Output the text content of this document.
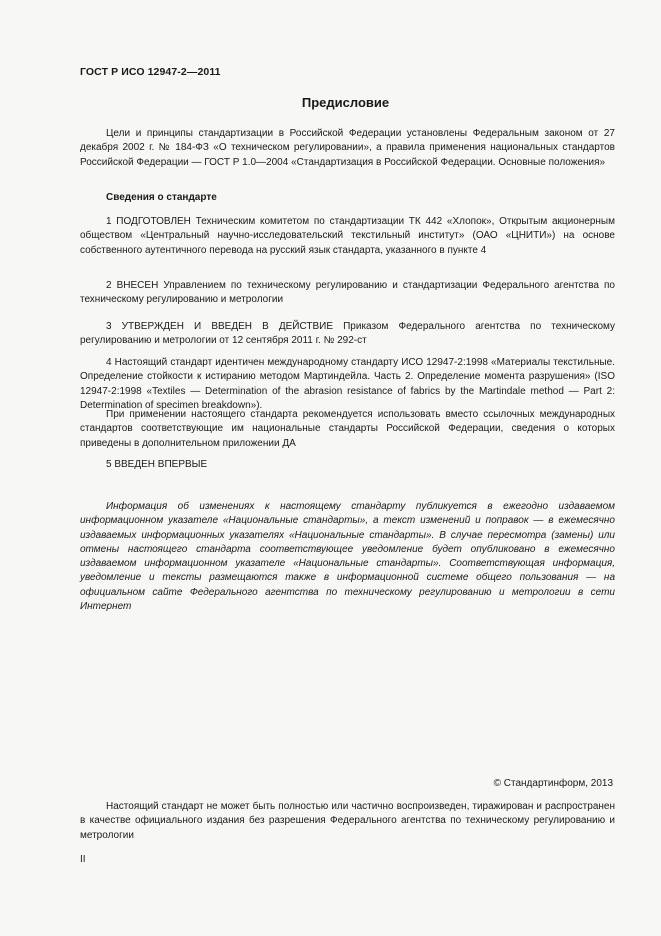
ГОСТ Р ИСО 12947-2—2011
Предисловие

Цели и принципы стандартизации в Российской Федерации установлены Федеральным законом от 27 декабря 2002 г. № 184-ФЗ «О техническом регулировании», а правила применения национальных стандартов Российской Федерации — ГОСТ Р 1.0—2004 «Стандартизация в Российской Федерации. Основные положения»

Сведения о стандарте

1 ПОДГОТОВЛЕН Техническим комитетом по стандартизации ТК 442 «Хлопок», Открытым акционерным обществом «Центральный научно-исследовательский текстильный институт» (ОАО «ЦНИТИ») на основе собственного аутентичного перевода на русский язык стандарта, указанного в пункте 4

2 ВНЕСЕН Управлением по техническому регулированию и стандартизации Федерального агентства по техническому регулированию и метрологии

3 УТВЕРЖДЕН И ВВЕДЕН В ДЕЙСТВИЕ Приказом Федерального агентства по техническому регулированию и метрологии от 12 сентября 2011 г. № 292-ст

4 Настоящий стандарт идентичен международному стандарту ИСО 12947-2:1998 «Материалы текстильные. Определение стойкости к истиранию методом Мартиндейла. Часть 2. Определение момента разрушения» (ISO 12947-2:1998 «Textiles — Determination of the abrasion resistance of fabrics by the Martindale method — Part 2: Determination of specimen breakdown»).

При применении настоящего стандарта рекомендуется использовать вместо ссылочных международных стандартов соответствующие им национальные стандарты Российской Федерации, сведения о которых приведены в дополнительном приложении ДА

5 ВВЕДЕН ВПЕРВЫЕ

Информация об изменениях к настоящему стандарту публикуется в ежегодно издаваемом информационном указателе «Национальные стандарты», а текст изменений и поправок — в ежемесячно издаваемых информационных указателях «Национальные стандарты». В случае пересмотра (замены) или отмены настоящего стандарта соответствующее уведомление будет опубликовано в ежемесячно издаваемом информационном указателе «Национальные стандарты». Соответствующая информация, уведомление и тексты размещаются также в информационной системе общего пользования — на официальном сайте Федерального агентства по техническому регулированию и метрологии в сети Интернет

© Стандартинформ, 2013

Настоящий стандарт не может быть полностью или частично воспроизведен, тиражирован и распространен в качестве официального издания без разрешения Федерального агентства по техническому регулированию и метрологии

II
